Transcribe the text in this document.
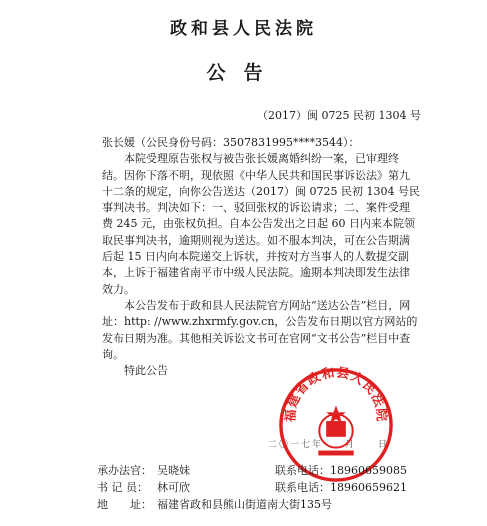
政和县人民法院
公告
（2017）闽 0725 民初 1304 号

张长媛（公民身份号码：3507831995****3544）：

本院受理原告张权与被告张长媛离婚纠纷一案，已审理终结。因你下落不明，现依照《中华人民共和国民事诉讼法》第九十二条的规定，向你公告送达（2017）闽 0725 民初 1304 号民事判决书。判决如下：一、驳回张权的诉讼请求；二、案件受理费 245 元，由张权负担。自本公告发出之日起 60 日内来本院领取民事判决书，逾期则视为送达。如不服本判决，可在公告期满后起 15 日内向本院递交上诉状，并按对方当事人的人数提交副本，上诉于福建省南平市中级人民法院。逾期本判决即发生法律效力。

本公告发布于政和县人民法院官方网站“送达公告”栏目，网址：http: //www.zhxrmfy.gov.cn，公告发布日期以官方网站的发布日期为准。其他相关诉讼文书可在官网“文书公告”栏目中查询。

特此公告

二〇一七年　　月　　日
福建省政和县人民法院
承办法官： 吴晓妹	联系电话： 18960659085
书 记 员： 林可欣	联系电话： 18960659621
地　　址： 福建省政和县熊山街道南大街135号
